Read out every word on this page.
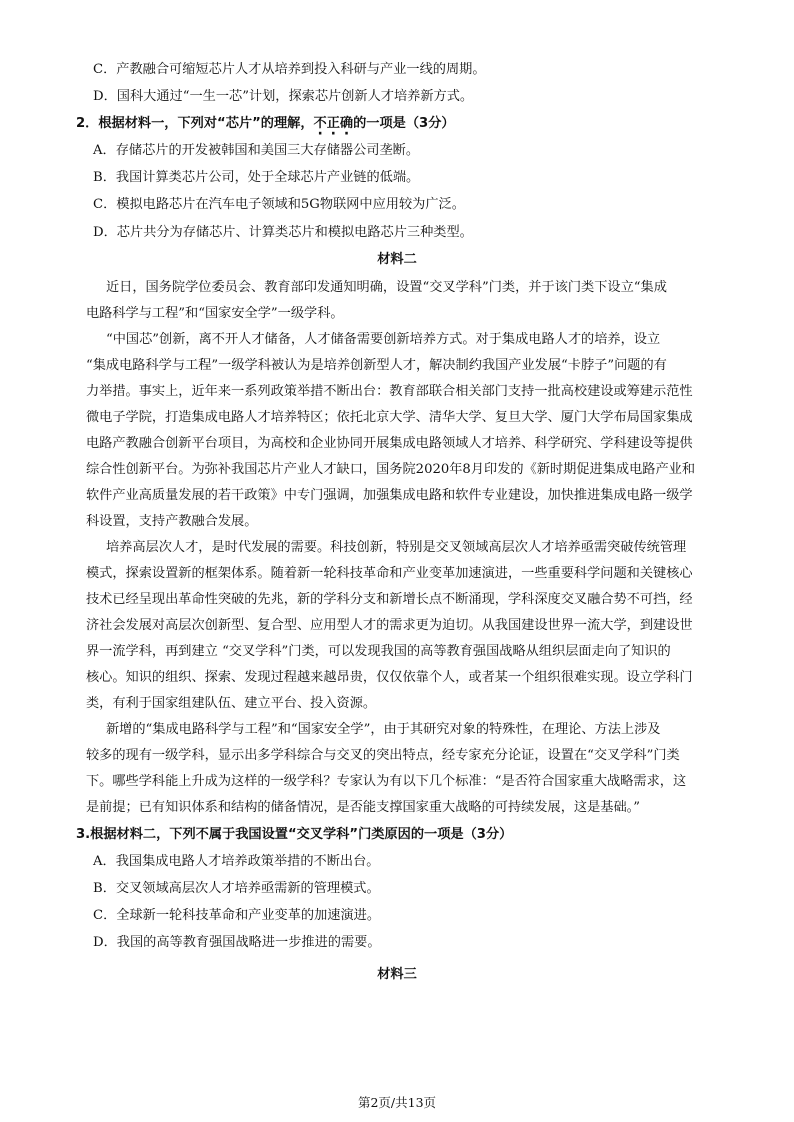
C．产教融合可缩短芯片人才从培养到投入科研与产业一线的周期。
D．国科大通过“一生一芯”计划，探索芯片创新人才培养新方式。
2．根据材料一，下列对“芯片”的理解，不正确的一项是（3分）
A．存储芯片的开发被韩国和美国三大存储器公司垄断。
B．我国计算类芯片公司，处于全球芯片产业链的低端。
C．模拟电路芯片在汽车电子领域和5G物联网中应用较为广泛。
D．芯片共分为存储芯片、计算类芯片和模拟电路芯片三种类型。
材料二
近日，国务院学位委员会、教育部印发通知明确，设置“交叉学科”门类，并于该门类下设立“集成
电路科学与工程”和“国家安全学”一级学科。
“中国芯”创新，离不开人才储备，人才储备需要创新培养方式。对于集成电路人才的培养，设立
“集成电路科学与工程”一级学科被认为是培养创新型人才，解决制约我国产业发展“卡脖子”问题的有
力举措。事实上，近年来一系列政策举措不断出台：教育部联合相关部门支持一批高校建设或筹建示范性
微电子学院，打造集成电路人才培养特区；依托北京大学、清华大学、复旦大学、厦门大学布局国家集成
电路产教融合创新平台项目，为高校和企业协同开展集成电路领域人才培养、科学研究、学科建设等提供
综合性创新平台。为弥补我国芯片产业人才缺口，国务院2020年8月印发的《新时期促进集成电路产业和
软件产业高质量发展的若干政策》中专门强调，加强集成电路和软件专业建设，加快推进集成电路一级学
科设置，支持产教融合发展。
培养高层次人才，是时代发展的需要。科技创新，特别是交叉领域高层次人才培养亟需突破传统管理
模式，探索设置新的框架体系。随着新一轮科技革命和产业变革加速演进，一些重要科学问题和关键核心
技术已经呈现出革命性突破的先兆，新的学科分支和新增长点不断涌现，学科深度交叉融合势不可挡，经
济社会发展对高层次创新型、复合型、应用型人才的需求更为迫切。从我国建设世界一流大学，到建设世
界一流学科，再到建立 “交叉学科”门类，可以发现我国的高等教育强国战略从组织层面走向了知识的
核心。知识的组织、探索、发现过程越来越昂贵，仅仅依靠个人，或者某一个组织很难实现。设立学科门
类，有利于国家组建队伍、建立平台、投入资源。
新增的“集成电路科学与工程”和“国家安全学”，由于其研究对象的特殊性，在理论、方法上涉及
较多的现有一级学科，显示出多学科综合与交叉的突出特点，经专家充分论证，设置在“交叉学科”门类
下。哪些学科能上升成为这样的一级学科？专家认为有以下几个标准：“是否符合国家重大战略需求，这
是前提；已有知识体系和结构的储备情况，是否能支撑国家重大战略的可持续发展，这是基础。”
3.根据材料二，下列不属于我国设置“交叉学科”门类原因的一项是（3分）
A．我国集成电路人才培养政策举措的不断出台。
B．交叉领域高层次人才培养亟需新的管理模式。
C．全球新一轮科技革命和产业变革的加速演进。
D．我国的高等教育强国战略进一步推进的需要。
材料三
第2页/共13页
